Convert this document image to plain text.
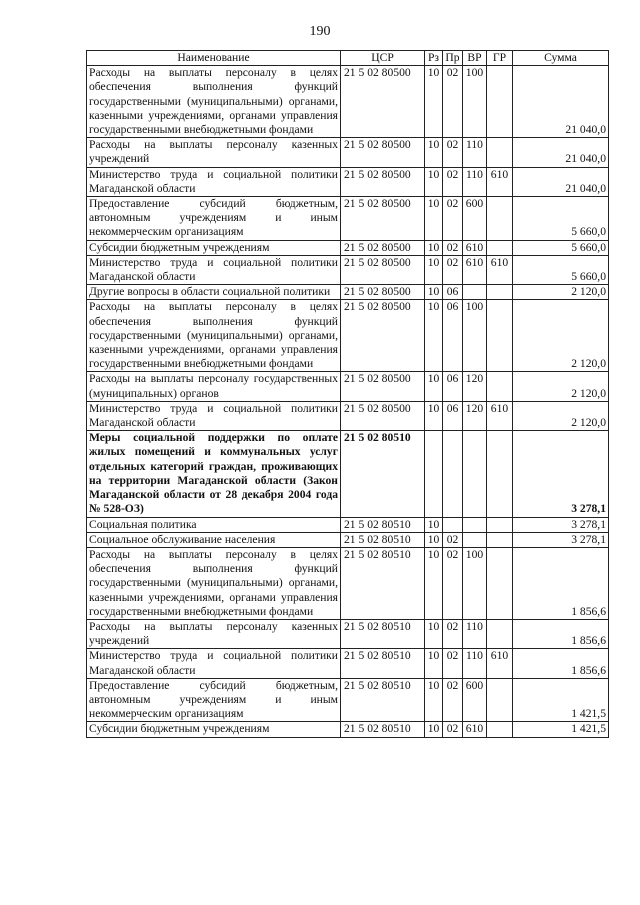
190
Наименование	ЦСР	Рз	Пр	ВР	ГР	Сумма
Расходы на выплаты персоналу в целях обеспечения выполнения функций государственными (муниципальными) органами, казенными учреждениями, органами управления государственными внебюджетными фондами	21 5 02 80500	10	02	100		21 040,0
Расходы на выплаты персоналу казенных учреждений	21 5 02 80500	10	02	110		21 040,0
Министерство труда и социальной политики Магаданской области	21 5 02 80500	10	02	110	610	21 040,0
Предоставление субсидий бюджетным, автономным учреждениям и иным некоммерческим организациям	21 5 02 80500	10	02	600		5 660,0
Субсидии бюджетным учреждениям	21 5 02 80500	10	02	610		5 660,0
Министерство труда и социальной политики Магаданской области	21 5 02 80500	10	02	610	610	5 660,0
Другие вопросы в области социальной политики	21 5 02 80500	10	06			2 120,0
Расходы на выплаты персоналу в целях обеспечения выполнения функций государственными (муниципальными) органами, казенными учреждениями, органами управления государственными внебюджетными фондами	21 5 02 80500	10	06	100		2 120,0
Расходы на выплаты персоналу государственных (муниципальных) органов	21 5 02 80500	10	06	120		2 120,0
Министерство труда и социальной политики Магаданской области	21 5 02 80500	10	06	120	610	2 120,0
Меры социальной поддержки по оплате жилых помещений и коммунальных услуг отдельных категорий граждан, проживающих на территории Магаданской области (Закон Магаданской области от 28 декабря 2004 года № 528-ОЗ)	21 5 02 80510					3 278,1
Социальная политика	21 5 02 80510	10				3 278,1
Социальное обслуживание населения	21 5 02 80510	10	02			3 278,1
Расходы на выплаты персоналу в целях обеспечения выполнения функций государственными (муниципальными) органами, казенными учреждениями, органами управления государственными внебюджетными фондами	21 5 02 80510	10	02	100		1 856,6
Расходы на выплаты персоналу казенных учреждений	21 5 02 80510	10	02	110		1 856,6
Министерство труда и социальной политики Магаданской области	21 5 02 80510	10	02	110	610	1 856,6
Предоставление субсидий бюджетным, автономным учреждениям и иным некоммерческим организациям	21 5 02 80510	10	02	600		1 421,5
Субсидии бюджетным учреждениям	21 5 02 80510	10	02	610		1 421,5
